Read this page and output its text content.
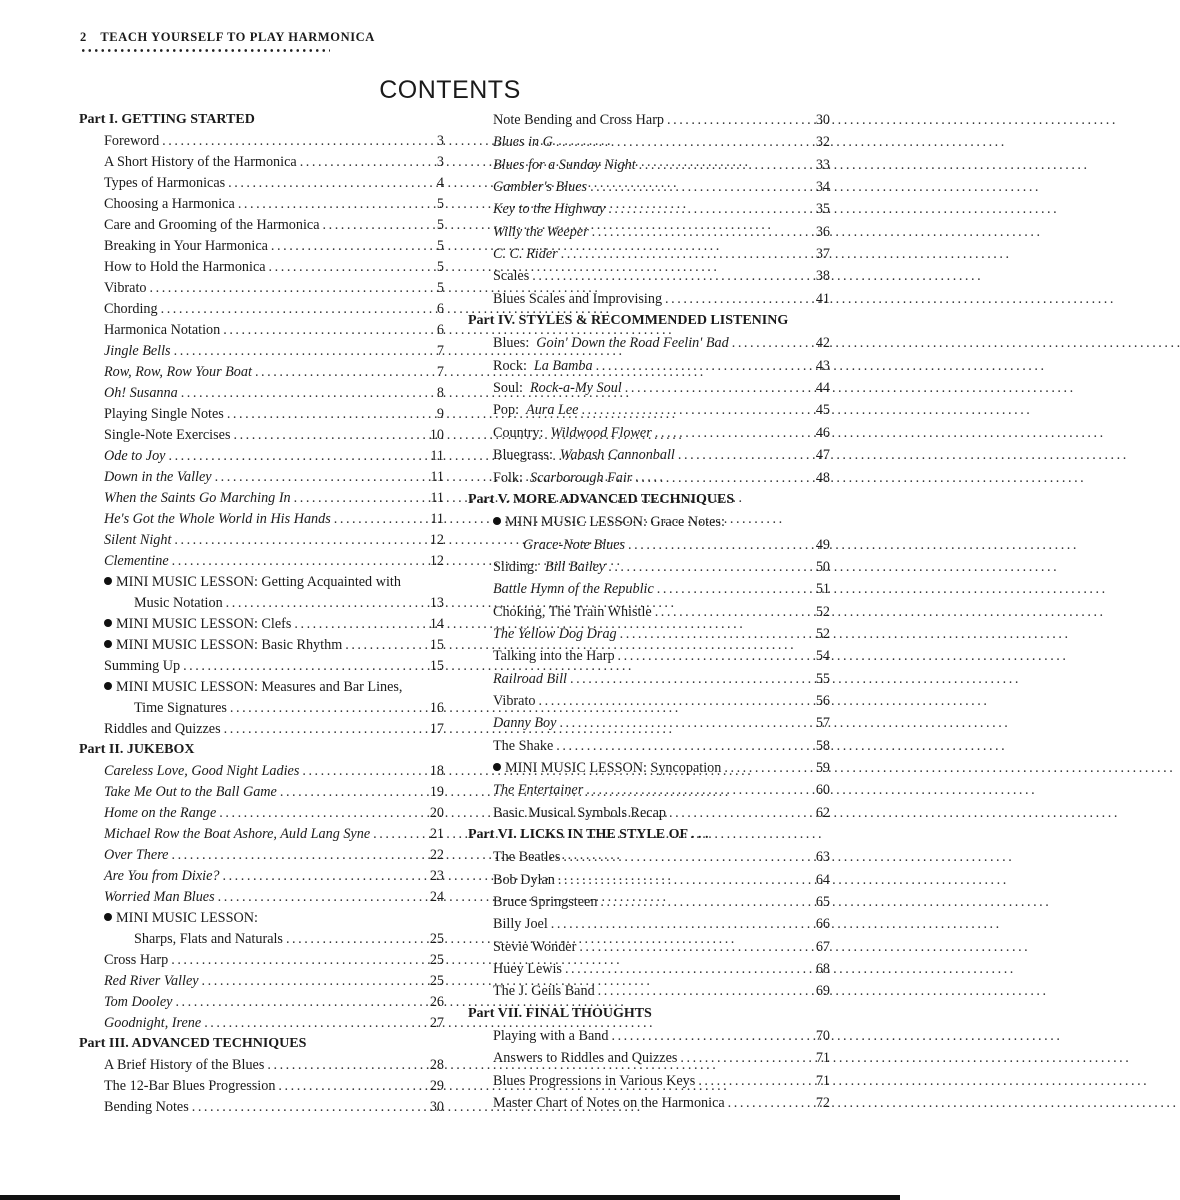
2 TEACH YOURSELF TO PLAY HARMONICA
CONTENTS
Part I. GETTING STARTED
Foreword . . .	3
A Short History of the Harmonica . . .	3
Types of Harmonicas . . .	4
Choosing a Harmonica . . .	5
Care and Grooming of the Harmonica . . .	5
Breaking in Your Harmonica . . .	5
How to Hold the Harmonica . . .	5
Vibrato . . .	5
Chording . . .	6
Harmonica Notation . . .	6
Jingle Bells . . .	7
Row, Row, Row Your Boat . . .	7
Oh! Susanna . . .	8
Playing Single Notes . . .	9
Single-Note Exercises . . .	10
Ode to Joy . . .	11
Down in the Valley . . .	11
When the Saints Go Marching In . . .	11
He's Got the Whole World in His Hands . . .	11
Silent Night . . .	12
Clementine . . .	12
MINI MUSIC LESSON: Getting Acquainted with
Music Notation . . .	13
MINI MUSIC LESSON: Clefs . . .	14
MINI MUSIC LESSON: Basic Rhythm . . .	15
Summing Up . . .	15
MINI MUSIC LESSON: Measures and Bar Lines,
Time Signatures . . .	16
Riddles and Quizzes . . .	17
Part II. JUKEBOX
Careless Love, Good Night Ladies . . .	18
Take Me Out to the Ball Game . . .	19
Home on the Range . . .	20
Michael Row the Boat Ashore, Auld Lang Syne . . .	21
Over There . . .	22
Are You from Dixie? . . .	23
Worried Man Blues . . .	24
MINI MUSIC LESSON:
Sharps, Flats and Naturals . . .	25
Cross Harp . . .	25
Red River Valley . . .	25
Tom Dooley . . .	26
Goodnight, Irene . . .	27
Part III. ADVANCED TECHNIQUES
A Brief History of the Blues . . .	28
The 12-Bar Blues Progression . . .	29
Bending Notes . . .	30
Note Bending and Cross Harp . . .	30
Blues in G . . .	32
Blues for a Sunday Night . . .	33
Gambler's Blues . . .	34
Key to the Highway . . .	35
Willy the Weeper . . .	36
C. C. Rider . . .	37
Scales . . .	38
Blues Scales and Improvising . . .	41
Part IV. STYLES & RECOMMENDED LISTENING
Blues: Goin' Down the Road Feelin' Bad . . .	42
Rock: La Bamba . . .	43
Soul: Rock-a-My Soul . . .	44
Pop: Aura Lee . . .	45
Country: Wildwood Flower . . .	46
Bluegrass: Wabash Cannonball . . .	47
Folk: Scarborough Fair . . .	48
Part V. MORE ADVANCED TECHNIQUES
MINI MUSIC LESSON: Grace Notes:
Grace-Note Blues . . .	49
Sliding: Bill Bailey . . .	50
Battle Hymn of the Republic . . .	51
Choking, The Train Whistle . . .	52
The Yellow Dog Drag . . .	52
Talking into the Harp . . .	54
Railroad Bill . . .	55
Vibrato . . .	56
Danny Boy . . .	57
The Shake . . .	58
MINI MUSIC LESSON: Syncopation . . .	59
The Entertainer . . .	60
Basic Musical Symbols Recap . . .	62
Part VI. LICKS IN THE STYLE OF . . .
The Beatles . . .	63
Bob Dylan . . .	64
Bruce Springsteen . . .	65
Billy Joel . . .	66
Stevie Wonder . . .	67
Huey Lewis . . .	68
The J. Geils Band . . .	69
Part VII. FINAL THOUGHTS
Playing with a Band . . .	70
Answers to Riddles and Quizzes . . .	71
Blues Progressions in Various Keys . . .	71
Master Chart of Notes on the Harmonica . . .	72
